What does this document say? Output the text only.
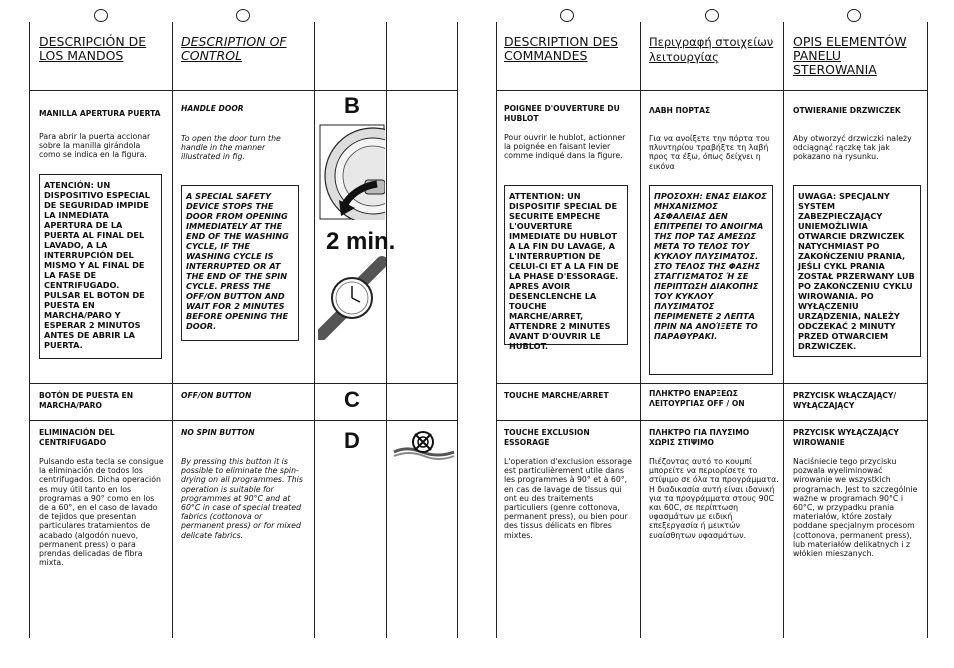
DESCRIPCIÓN DE LOS MANDOS
MANILLA APERTURA PUERTA
Para abrir la puerta accionar sobre la manilla girándola como se indica en la figura.
ATENCIÓN: UN DISPOSITIVO ESPECIAL DE SEGURIDAD IMPIDE LA INMEDIATA APERTURA DE LA PUERTA AL FINAL DEL LAVADO, A LA INTERRUPCIÓN DEL MISMO Y AL FINAL DE LA FASE DE CENTRIFUGADO. PULSAR EL BOTON DE PUESTA EN MARCHA/PARO Y ESPERAR 2 MINUTOS ANTES DE ABRIR LA PUERTA.
BOTÓN DE PUESTA EN MARCHA/PARO
ELIMINACIÓN DEL CENTRIFUGADO
Pulsando esta tecla se consigue la eliminación de todos los centrifugados. Dicha operación es muy útil tanto en los programas a 90° como en los de a 60°, en el caso de lavado de tejidos que presentan particulares tratamientos de acabado (algodón nuevo, permanent press) o para prendas delicadas de fibra mixta.
DESCRIPTION OF CONTROL
HANDLE DOOR
To open the door turn the handle in the manner illustrated in fig.
A SPECIAL SAFETY DEVICE STOPS THE DOOR FROM OPENING IMMEDIATELY AT THE END OF THE WASHING CYCLE, IF THE WASHING CYCLE IS INTERRUPTED OR AT THE END OF THE SPIN CYCLE. PRESS THE OFF/ON BUTTON AND WAIT FOR 2 MINUTES BEFORE OPENING THE DOOR.
OFF/ON BUTTON
NO SPIN BUTTON
By pressing this button it is possible to eliminate the spin-drying on all programmes. This operation is suitable for programmes at 90°C and at 60°C in case of special treated fabrics (cottonova or permanent press) or for mixed delicate fabrics.
B
2 min.
C
D
DESCRIPTION DES COMMANDES
POIGNEE D'OUVERTURE DU HUBLOT
Pour ouvrir le hublot, actionner la poignée en faisant levier comme indiqué dans la figure.
ATTENTION: UN DISPOSITIF SPECIAL DE SECURITE EMPECHE L'OUVERTURE IMMEDIATE DU HUBLOT A LA FIN DU LAVAGE, A L'INTERRUPTION DE CELUI-CI ET A LA FIN DE LA PHASE D'ESSORAGE. APRES AVOIR DESENCLENCHE LA TOUCHE MARCHE/ARRET, ATTENDRE 2 MINUTES AVANT D'OUVRIR LE HUBLOT.
TOUCHE MARCHE/ARRET
TOUCHE EXCLUSION ESSORAGE
L'operation d'exclusion essorage est particulièrement utile dans les programmes à 90° et à 60°, en cas de lavage de tissus qui ont eu des traitements particuliers (genre cottonova, permanent press), ou bien pour des tissus délicats en fibres mixtes.
Περιγραφή στοιχείων λειτουργίας
ΛΑΒΗ ΠΟΡΤΑΣ
Για να ανοίξετε την πόρτα του πλυντηρίου τραβήξτε τη λαβή προς τα έξω, όπως δείχνει η εικόνα
ΠΡΟΣΟΧΗ: ΕΝΑΣ ΕΙΔΚΟΣ ΜΗΧΑΝΙΣΜΟΣ ΑΣΦΑΛΕΙΑΣ ΔΕΝ ΕΠΙΤΡΕΠΕΙ ΤΟ ΑΝΟΙΓΜΑ ΤΗΣ ΠΟΡ ΤΑΣ ΑΜΕΣΩΣ ΜΕΤΑ ΤΟ ΤΕΛΟΣ ΤΟΥ ΚΥΚΛΟΥ ΠΛΥΣΙΜΑΤΟΣ. ΣΤΟ ΤΕΛΟΣ ΤΗΣ ΦΑΣΗΣ ΣΤΑΓΓΙΣΜΑΤΟΣ Ή ΣΕ ΠΕΡΙΠΤΩΣΗ ΔΙΑΚΟΠΗΣ ΤΟΥ ΚΥΚΛΟΥ ΠΛΥΣΙΜΑΤΟΣ ΠΕΡΙΜΕΝΕΤΕ 2 ΛΕΠΤΑ ΠΡΙΝ ΝΑ ΑΝΟΊΞΕΤΕ ΤΟ ΠΑΡΑΘΥΡΑΚΙ.
ΠΛΗΚΤΡΟ ΕΝΑΡΞΕΩΣ ΛΕΙΤΟΥΡΓΙΑΣ OFF / ON
ΠΛΗΚΤΡΟ ΓΙΑ ΠΛΥΣΙΜΟ ΧΩΡΙΣ ΣΤΙΨΙΜΟ
Πιέζοντας αυτό το κουμπί μπορείτε να περιορίσετε το στίψιμο σε όλα τα προγράμματα. Η διαδικασία αυτή είναι ιδανική για τα προγράμματα στους 90C και 60C, σε περίπτωση υφασμάτων με ειδική επεξεργασία ή μεικτών ευαίσθητων υφασμάτων.
OPIS ELEMENTÓW PANELU STEROWANIA
OTWIERANIE DRZWICZEK
Aby otworzyć drzwiczki należy odciągnąć rączkę tak jak pokazano na rysunku.
UWAGA: SPECJALNY SYSTEM ZABEZPIECZAJĄCY UNIEMOŻLIWIA OTWARCIE DRZWICZEK NATYCHMIAST PO ZAKOŃCZENIU PRANIA, JEŚLI CYKL PRANIA ZOSTAŁ PRZERWANY LUB PO ZAKOŃCZENIU CYKLU WIROWANIA. PO WYŁĄCZENIU URZĄDZENIA, NALEŻY ODCZEKAĆ 2 MINUTY PRZED OTWARCIEM DRZWICZEK.
PRZYCISK WŁĄCZAJĄCY/ WYŁĄCZAJĄCY
PRZYCISK WYŁĄCZAJĄCY WIROWANIE
Naciśniecie tego przycisku pozwala wyeliminować wirowanie we wszystkich programach. Jest to szczególnie ważne w programach 90°C i 60°C, w przypadku prania materiałów, które zostały poddane specjalnym procesom (cottonova, permanent press), lub materiałów delikatnych i z włókien mieszanych.
